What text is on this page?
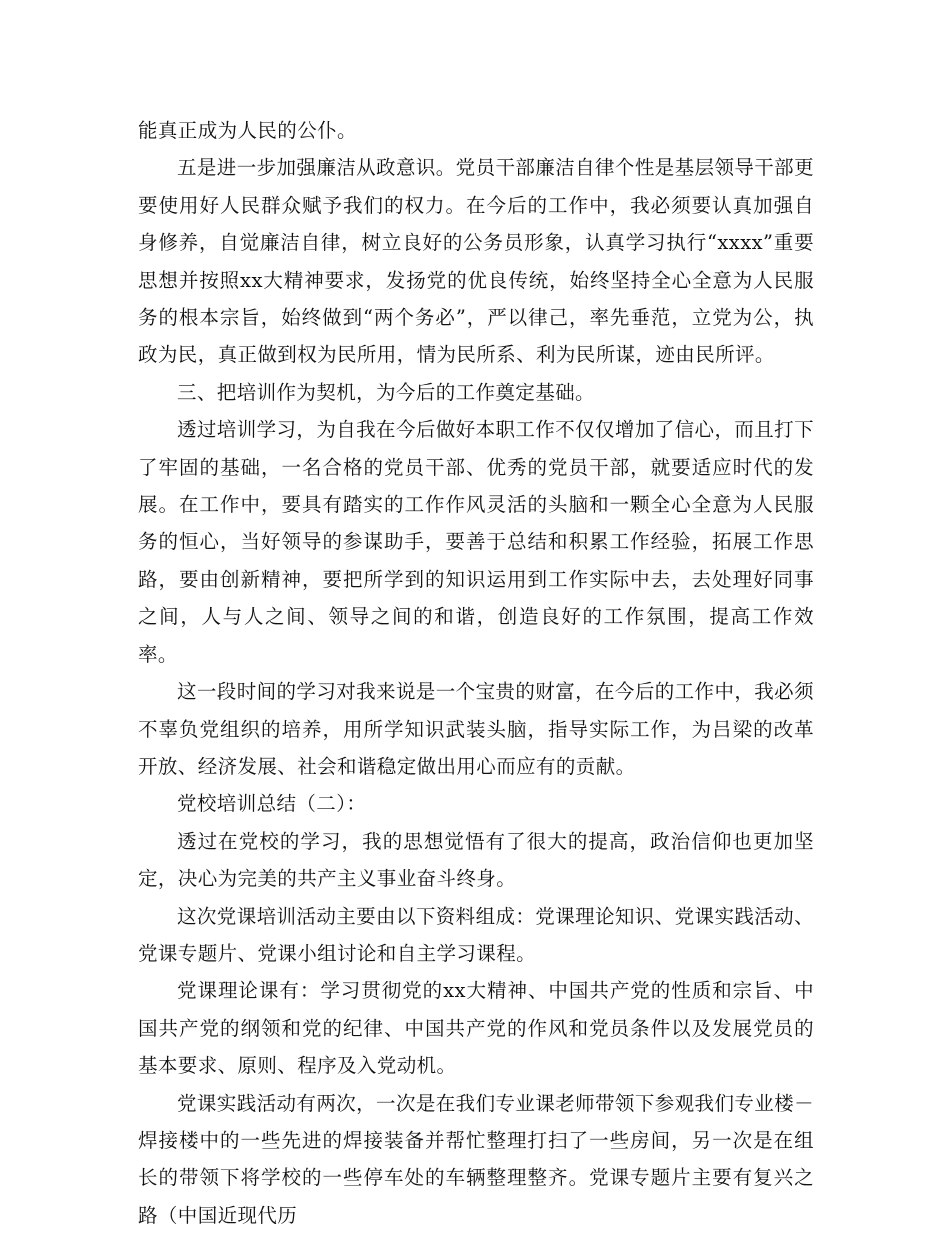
能真正成为人民的公仆。

五是进一步加强廉洁从政意识。党员干部廉洁自律个性是基层领导干部更要使用好人民群众赋予我们的权力。在今后的工作中，我必须要认真加强自身修养，自觉廉洁自律，树立良好的公务员形象，认真学习执行“xxxx”重要思想并按照xx大精神要求，发扬党的优良传统，始终坚持全心全意为人民服务的根本宗旨，始终做到“两个务必”，严以律己，率先垂范，立党为公，执政为民，真正做到权为民所用，情为民所系、利为民所谋，迹由民所评。

三、把培训作为契机，为今后的工作奠定基础。

透过培训学习，为自我在今后做好本职工作不仅仅增加了信心，而且打下了牢固的基础，一名合格的党员干部、优秀的党员干部，就要适应时代的发展。在工作中，要具有踏实的工作作风灵活的头脑和一颗全心全意为人民服务的恒心，当好领导的参谋助手，要善于总结和积累工作经验，拓展工作思路，要由创新精神，要把所学到的知识运用到工作实际中去，去处理好同事之间，人与人之间、领导之间的和谐，创造良好的工作氛围，提高工作效率。

这一段时间的学习对我来说是一个宝贵的财富，在今后的工作中，我必须不辜负党组织的培养，用所学知识武装头脑，指导实际工作，为吕梁的改革开放、经济发展、社会和谐稳定做出用心而应有的贡献。

党校培训总结（二）：

透过在党校的学习，我的思想觉悟有了很大的提高，政治信仰也更加坚定，决心为完美的共产主义事业奋斗终身。

这次党课培训活动主要由以下资料组成：党课理论知识、党课实践活动、党课专题片、党课小组讨论和自主学习课程。

党课理论课有：学习贯彻党的xx大精神、中国共产党的性质和宗旨、中国共产党的纲领和党的纪律、中国共产党的作风和党员条件以及发展党员的基本要求、原则、程序及入党动机。

党课实践活动有两次，一次是在我们专业课老师带领下参观我们专业楼－焊接楼中的一些先进的焊接装备并帮忙整理打扫了一些房间，另一次是在组长的带领下将学校的一些停车处的车辆整理整齐。党课专题片主要有复兴之路（中国近现代历
